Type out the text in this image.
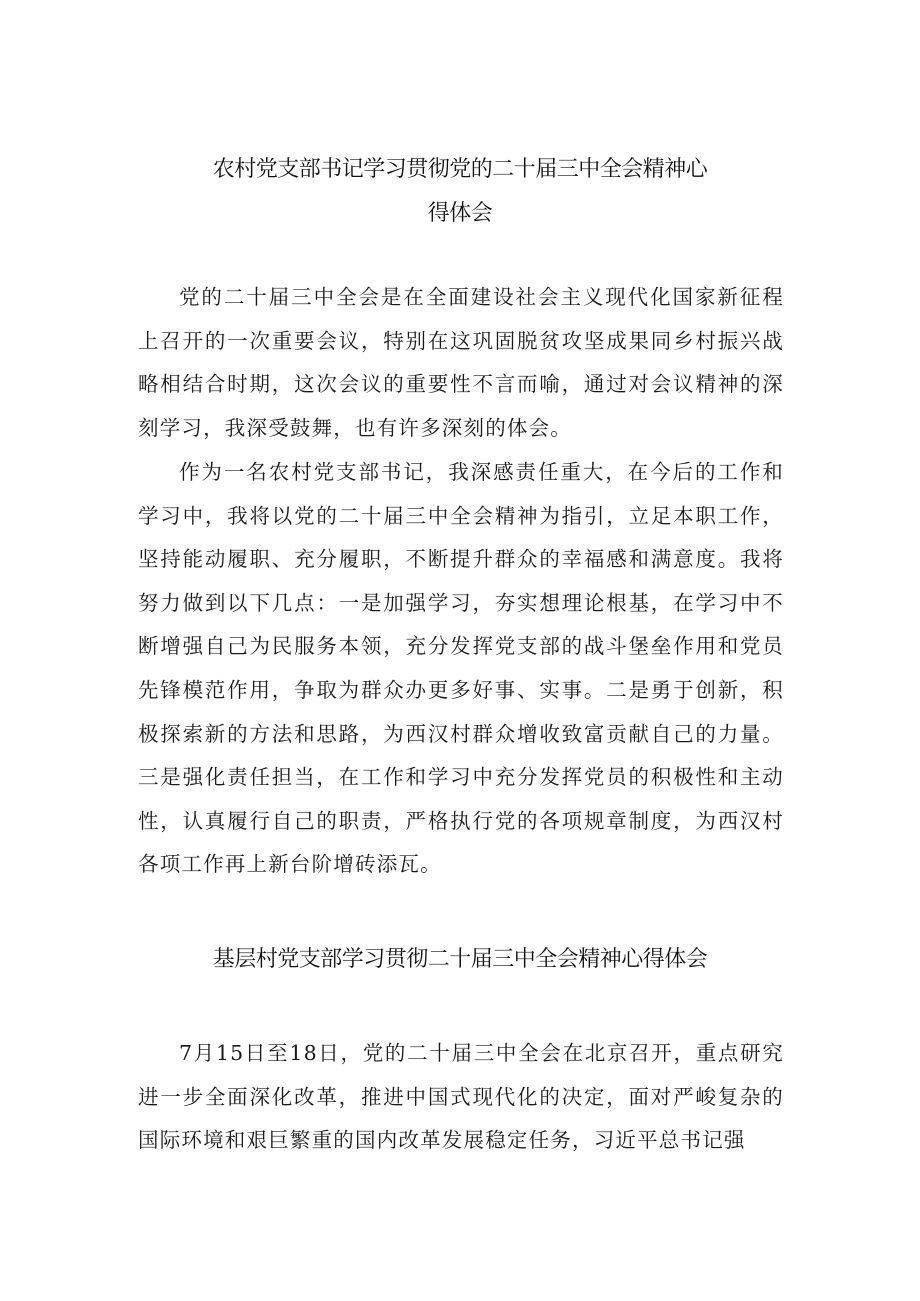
农村党支部书记学习贯彻党的二十届三中全会精神心
得体会

党的二十届三中全会是在全面建设社会主义现代化国家新征程上召开的一次重要会议，特别在这巩固脱贫攻坚成果同乡村振兴战略相结合时期，这次会议的重要性不言而喻，通过对会议精神的深刻学习，我深受鼓舞，也有许多深刻的体会。

作为一名农村党支部书记，我深感责任重大，在今后的工作和学习中，我将以党的二十届三中全会精神为指引，立足本职工作，坚持能动履职、充分履职，不断提升群众的幸福感和满意度。我将努力做到以下几点：一是加强学习，夯实想理论根基，在学习中不断增强自己为民服务本领，充分发挥党支部的战斗堡垒作用和党员先锋模范作用，争取为群众办更多好事、实事。二是勇于创新，积极探索新的方法和思路，为西汉村群众增收致富贡献自己的力量。三是强化责任担当，在工作和学习中充分发挥党员的积极性和主动性，认真履行自己的职责，严格执行党的各项规章制度，为西汉村各项工作再上新台阶增砖添瓦。

基层村党支部学习贯彻二十届三中全会精神心得体会

7月15日至18日，党的二十届三中全会在北京召开，重点研究进一步全面深化改革，推进中国式现代化的决定，面对严峻复杂的国际环境和艰巨繁重的国内改革发展稳定任务，习近平总书记强
